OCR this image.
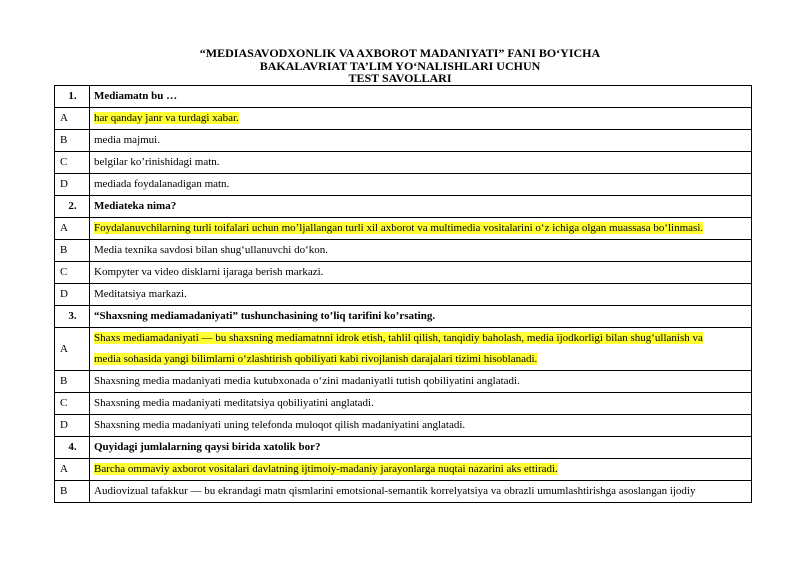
“MEDIASAVODXONLIK VA AXBOROT MADANIYATI” FANI BO‘YICHA
BAKALAVRIAT TA’LIM YO‘NALISHLARI UCHUN
TEST SAVOLLARI
1.	Mediamatn bu …
A	har qanday janr va turdagi xabar.
B	media majmui.
C	belgilar ko’rinishidagi matn.
D	mediada foydalanadigan matn.
2.	Mediateka nima?
A	Foydalanuvchilarning turli toifalari uchun mo’ljallangan turli xil axborot va multimedia vositalarini o‘z ichiga olgan muassasa bo‘linmasi.
B	Media texnika savdosi bilan shug‘ullanuvchi do‘kon.
C	Kompyter va video disklarni ijaraga berish markazi.
D	Meditatsiya markazi.
3.	“Shaxsning mediamadaniyati” tushunchasining to’liq tarifini ko’rsating.
A	Shaxs mediamadaniyati — bu shaxsning mediamatnni idrok etish, tahlil qilish, tanqidiy baholash, media ijodkorligi bilan shug‘ullanish va
media sohasida yangi bilimlarni o‘zlashtirish qobiliyati kabi rivojlanish darajalari tizimi hisoblanadi.

B	Shaxsning media madaniyati media kutubxonada o‘zini madaniyatli tutish qobiliyatini anglatadi.
C	Shaxsning media madaniyati meditatsiya qobiliyatini anglatadi.
D	Shaxsning media madaniyati uning telefonda muloqot qilish madaniyatini anglatadi.
4.	Quyidagi jumlalarning qaysi birida xatolik bor?
A	Barcha ommaviy axborot vositalari davlatning ijtimoiy-madaniy jarayonlarga nuqtai nazarini aks ettiradi.
B	Audiovizual tafakkur — bu ekrandagi matn qismlarini emotsional-semantik korrelyatsiya va obrazli umumlashtirishga asoslangan ijodiy
